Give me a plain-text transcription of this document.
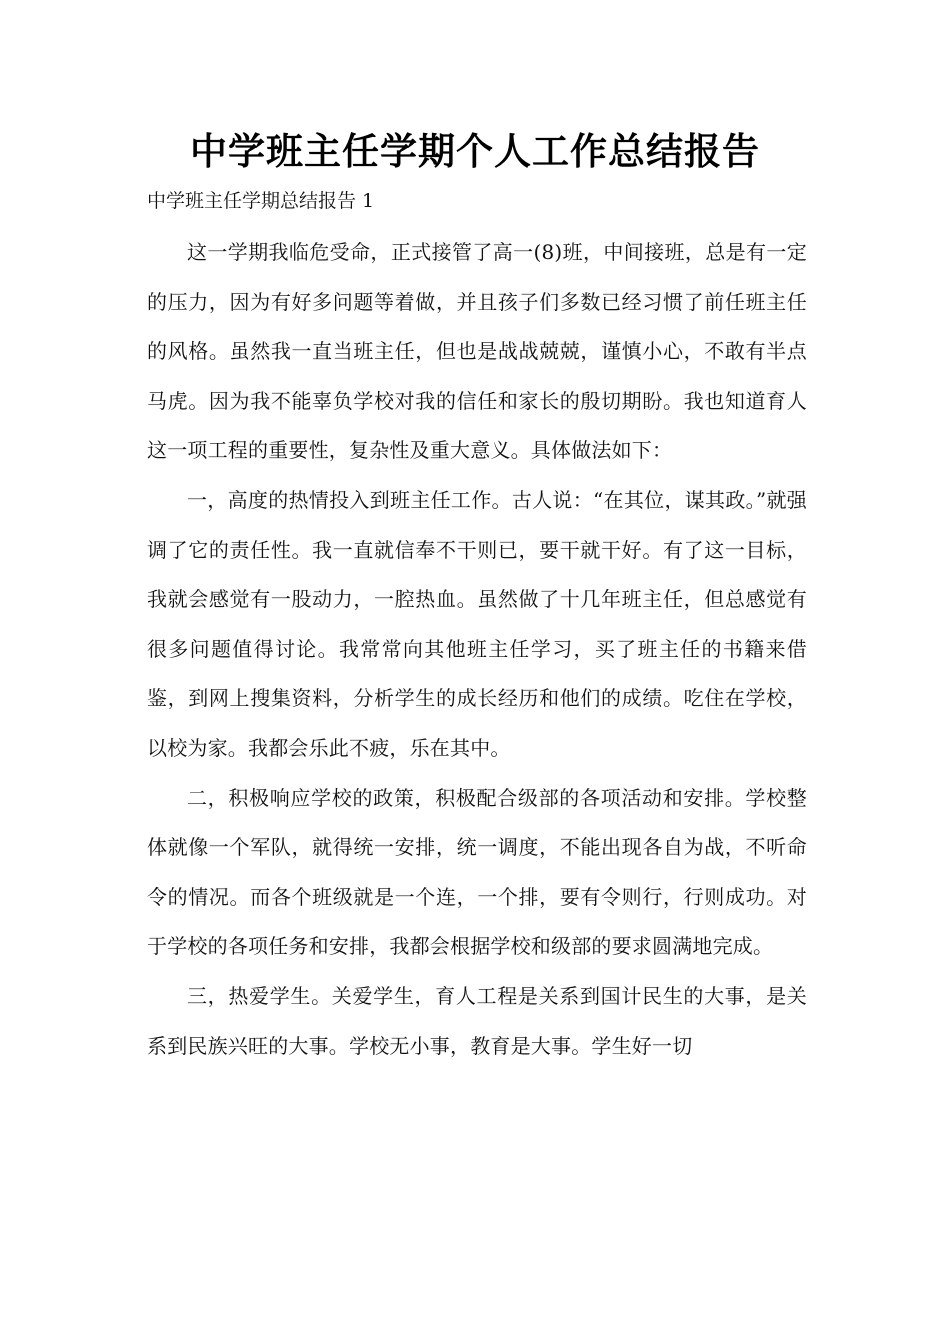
中学班主任学期个人工作总结报告

中学班主任学期总结报告 1

这一学期我临危受命，正式接管了高一(8)班，中间接班，总是有一定的压力，因为有好多问题等着做，并且孩子们多数已经习惯了前任班主任的风格。虽然我一直当班主任，但也是战战兢兢，谨慎小心，不敢有半点马虎。因为我不能辜负学校对我的信任和家长的殷切期盼。我也知道育人这一项工程的重要性，复杂性及重大意义。具体做法如下：

一，高度的热情投入到班主任工作。古人说：“在其位，谋其政。”就强调了它的责任性。我一直就信奉不干则已，要干就干好。有了这一目标，我就会感觉有一股动力，一腔热血。虽然做了十几年班主任，但总感觉有很多问题值得讨论。我常常向其他班主任学习，买了班主任的书籍来借鉴，到网上搜集资料，分析学生的成长经历和他们的成绩。吃住在学校，以校为家。我都会乐此不疲，乐在其中。

二，积极响应学校的政策，积极配合级部的各项活动和安排。学校整体就像一个军队，就得统一安排，统一调度，不能出现各自为战，不听命令的情况。而各个班级就是一个连，一个排，要有令则行，行则成功。对于学校的各项任务和安排，我都会根据学校和级部的要求圆满地完成。

三，热爱学生。关爱学生，育人工程是关系到国计民生的大事，是关系到民族兴旺的大事。学校无小事，教育是大事。学生好一切
